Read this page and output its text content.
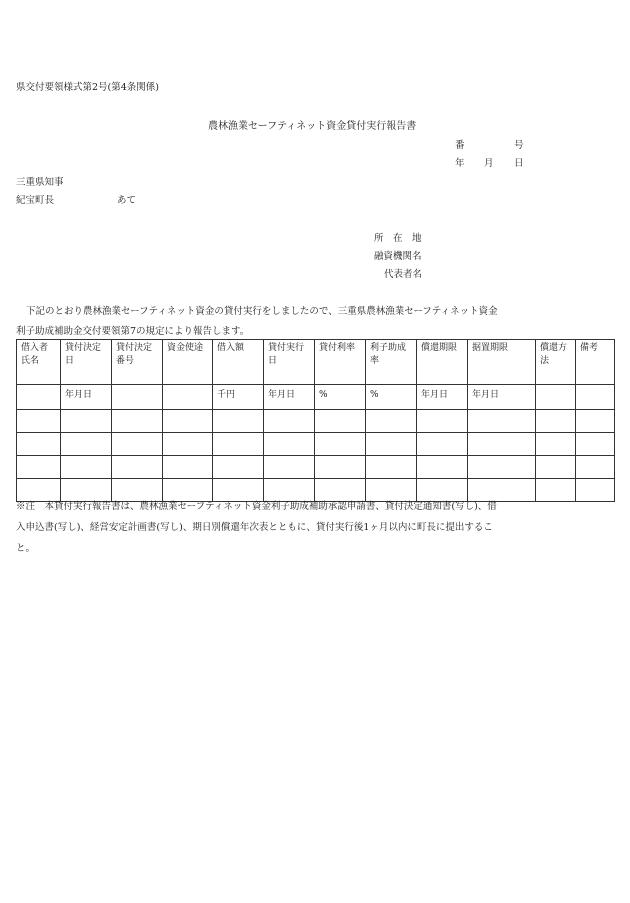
県交付要領様式第2号(第4条関係)
農林漁業セーフティネット資金貸付実行報告書
番	号
年 月 日
三重県知事
紀宝町長	あて
所　在　地
融資機関名
代表者名

下記のとおり農林漁業セーフティネット資金の貸付実行をしましたので、三重県農林漁業セーフティネット資金

利子助成補助金交付要領第7の規定により報告します。

借入者氏名	貸付決定日	貸付決定番号	資金使途	借入額	貸付実行日	貸付利率	利子助成率	償還期限	据置期限	償還方法	備考
	年月日			千円	年月日	%	%	年月日	年月日		

※注　本貸付実行報告書は、農林漁業セーフティネット資金利子助成補助承認申請書、貸付決定通知書(写し)、借

入申込書(写し)、経営安定計画書(写し)、期日別償還年次表とともに、貸付実行後1ヶ月以内に町長に提出するこ

と。
